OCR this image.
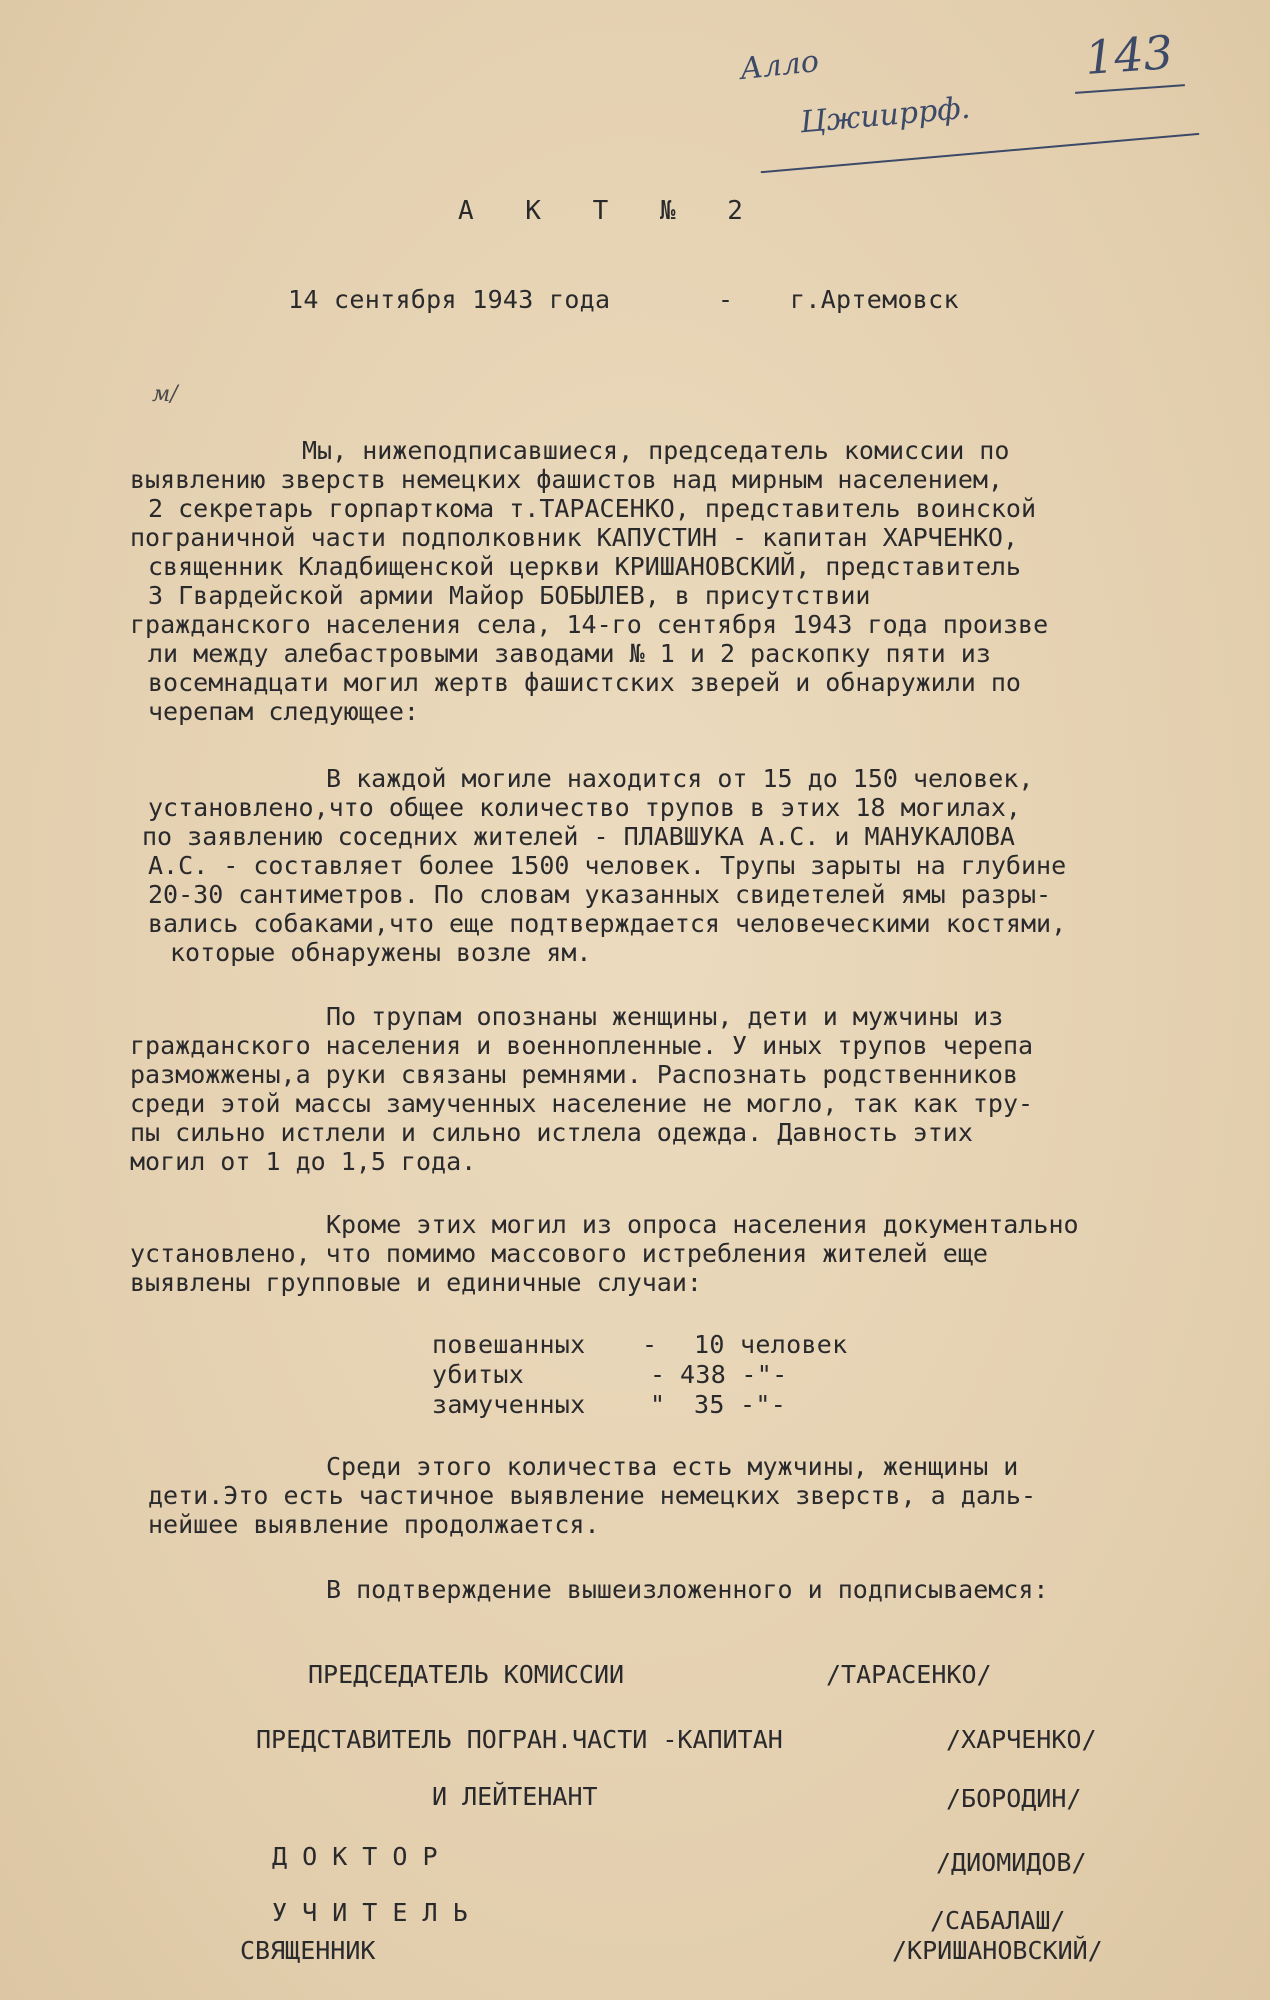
Алло
Цжииррф.
143
А К Т № 2
14 сентября 1943 года	- г.Артемовск
м/
Мы, нижеподписавшиеся, председатель комиссии по
выявлению зверств немецких фашистов над мирным населением,
2 секретарь горпарткома т.ТАРАСЕНКО, представитель воинской
пограничной части подполковник КАПУСТИН - капитан ХАРЧЕНКО,
священник Кладбищенской церкви КРИШАНОВСКИЙ, представитель
3 Гвардейской армии Майор БОБЫЛЕВ, в присутствии
гражданского населения села, 14-го сентября 1943 года произве
ли между алебастровыми заводами № 1 и 2 раскопку пяти из
восемнадцати могил жертв фашистских зверей и обнаружили по
черепам следующее:
В каждой могиле находится от 15 до 150 человек,
установлено,что общее количество трупов в этих 18 могилах,
по заявлению соседних жителей - ПЛАВШУКА А.С. и МАНУКАЛОВА
А.С. - составляет более 1500 человек. Трупы зарыты на глубине
20-30 сантиметров. По словам указанных свидетелей ямы разры-
вались собаками,что еще подтверждается человеческими костями,
которые обнаружены возле ям.
По трупам опознаны женщины, дети и мужчины из
гражданского населения и военнопленные. У иных трупов черепа
разможжены,а руки связаны ремнями. Распознать родственников
среди этой массы замученных население не могло, так как тру-
пы сильно истлели и сильно истлела одежда. Давность этих
могил от 1 до 1,5 года.
Кроме этих могил из опроса населения документально
установлено, что помимо массового истребления жителей еще
выявлены групповые и единичные случаи:
повешанных - 10 человек
убитых	- 438 -"-
замученных	" 35 -"-
Среди этого количества есть мужчины, женщины и
дети.Это есть частичное выявление немецких зверств, а даль-
нейшее выявление продолжается.
В подтверждение вышеизложенного и подписываемся:
ПРЕДСЕДАТЕЛЬ КОМИССИИ	/ТАРАСЕНКО/
ПРЕДСТАВИТЕЛЬ ПОГРАН.ЧАСТИ -КАПИТАН	/ХАРЧЕНКО/
И ЛЕЙТЕНАНТ	/БОРОДИН/
Д О К Т О Р	/ДИОМИДОВ/
У Ч И Т Е Л Ь	/САБАЛАШ/
СВЯЩЕННИК	/КРИШАНОВСКИЙ/
